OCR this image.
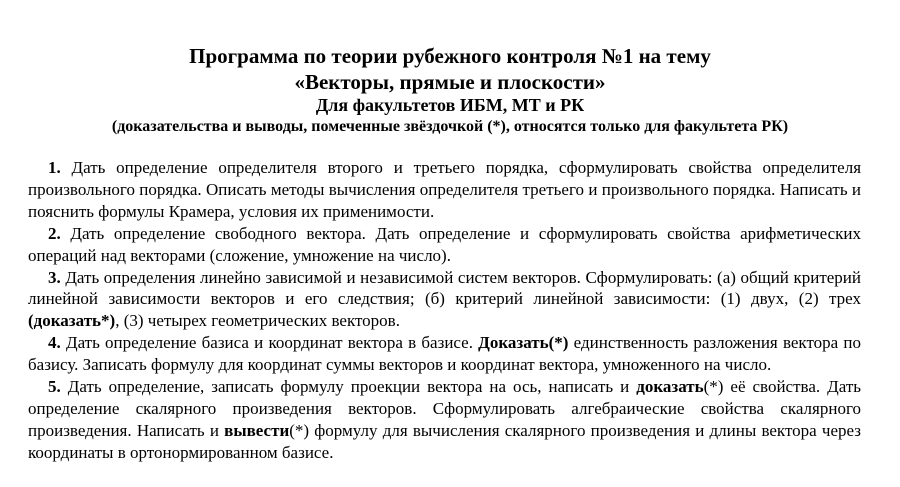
Программа по теории рубежного контроля №1 на тему
«Векторы, прямые и плоскости»
Для факультетов ИБМ, МТ и РК
(доказательства и выводы, помеченные звёздочкой (*), относятся только для факультета РК)

1. Дать определение определителя второго и третьего порядка, сформулировать свойства определителя произвольного порядка. Описать методы вычисления определителя третьего и произвольного порядка. Написать и пояснить формулы Крамера, условия их применимости.

2. Дать определение свободного вектора. Дать определение и сформулировать свойства арифметических операций над векторами (сложение, умножение на число).

3. Дать определения линейно зависимой и независимой систем векторов. Сформулировать: (а) общий критерий линейной зависимости векторов и его следствия; (б) критерий линейной зависимости: (1) двух, (2) трех (доказать*), (3) четырех геометрических векторов.

4. Дать определение базиса и координат вектора в базисе. Доказать(*) единственность разложения вектора по базису. Записать формулу для координат суммы векторов и координат вектора, умноженного на число.

5. Дать определение, записать формулу проекции вектора на ось, написать и доказать(*) её свойства. Дать определение скалярного произведения векторов. Сформулировать алгебраические свойства скалярного произведения. Написать и вывести(*) формулу для вычисления скалярного произведения и длины вектора через координаты в ортонормированном базисе.
